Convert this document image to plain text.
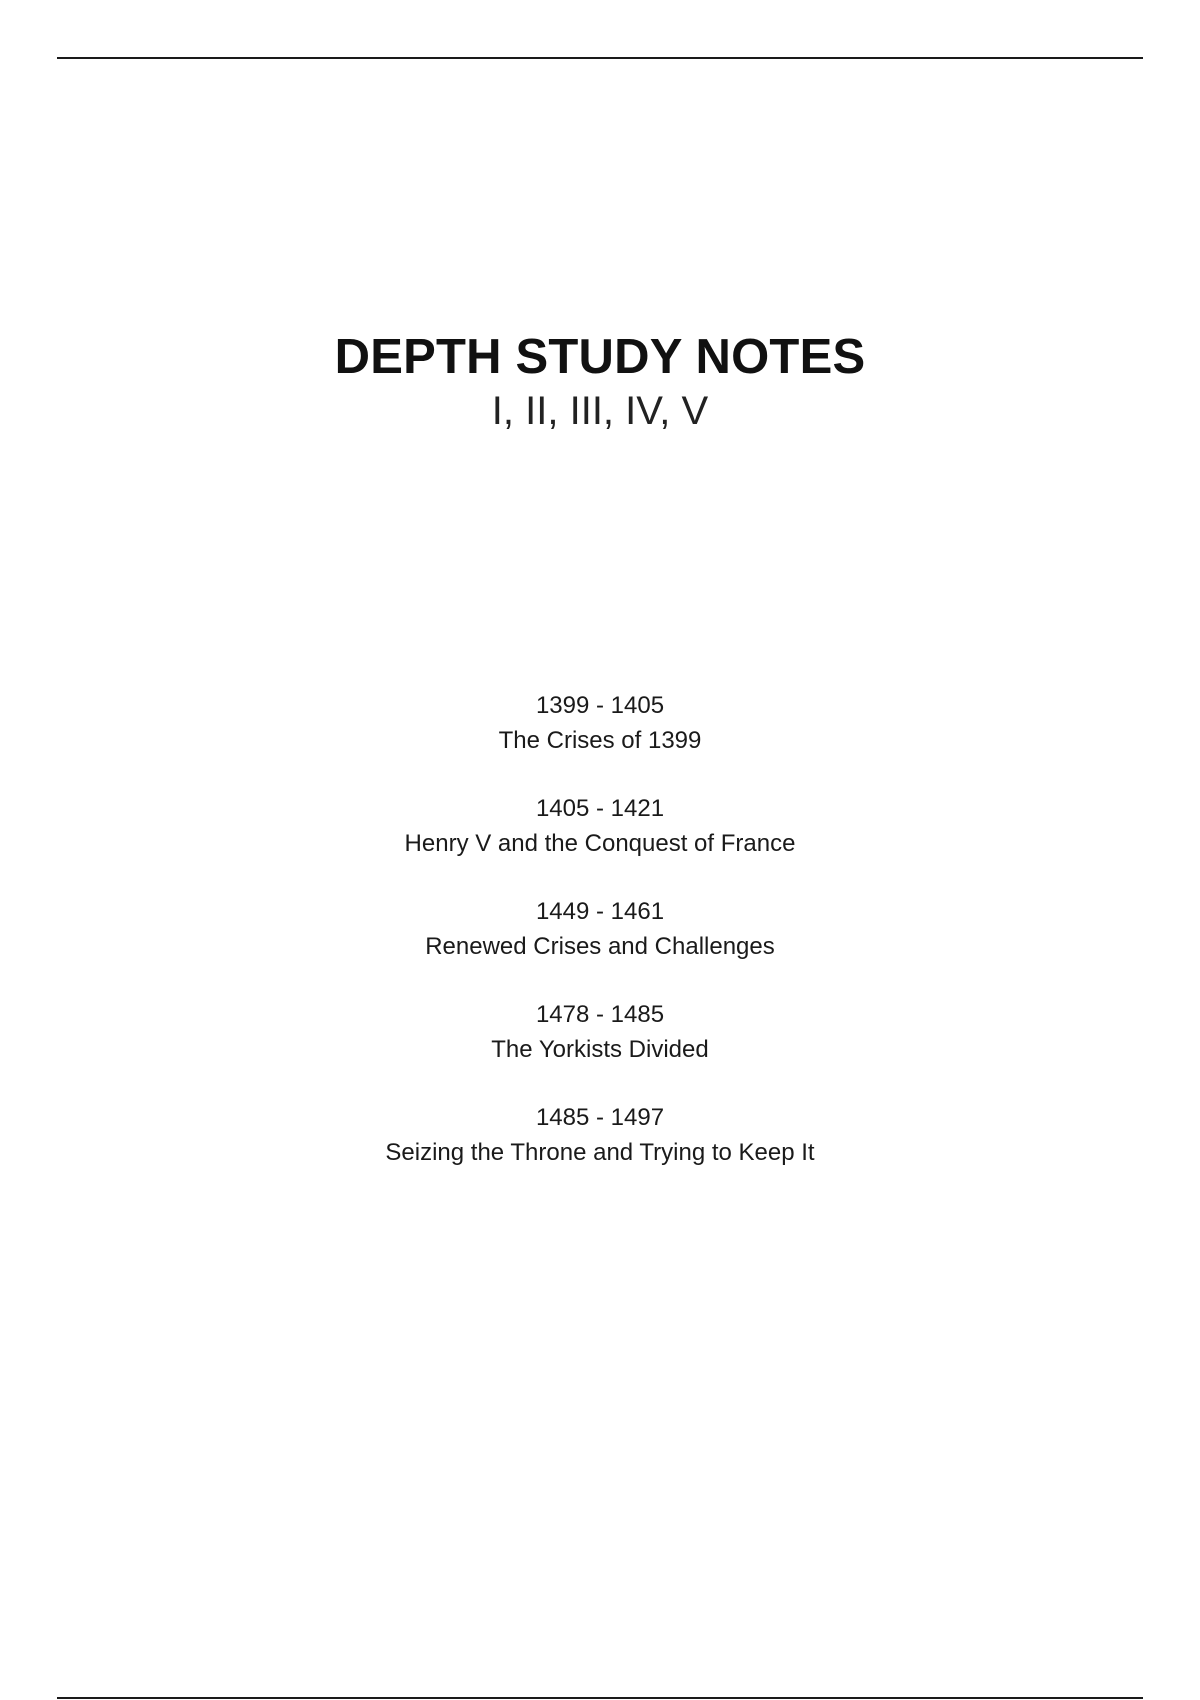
DEPTH STUDY NOTES
I, II, III, IV, V
1399 - 1405
The Crises of 1399
1405 - 1421
Henry V and the Conquest of France
1449 - 1461
Renewed Crises and Challenges
1478 - 1485
The Yorkists Divided
1485 - 1497
Seizing the Throne and Trying to Keep It
